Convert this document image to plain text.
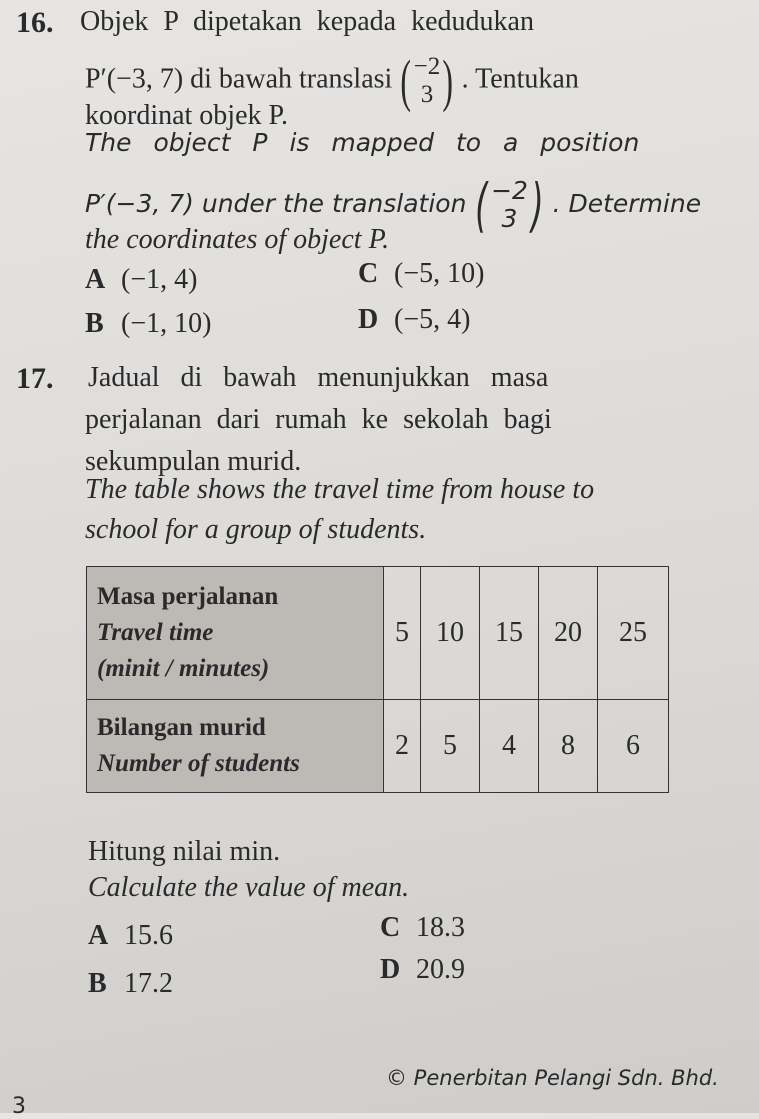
16. Objek P dipetakan kepada kedudukan
P′(−3, 7) di bawah translasi ( −2
3 ) . Tentukan
koordinat objek P.
The object P is mapped to a position
P′(−3, 7) under the translation ( −2
3 ) . Determine
the coordinates of object P.
A (−1, 4)
B (−1, 10)
C (−5, 10)
D (−5, 4)
17. Jadual di bawah menunjukkan masa
perjalanan dari rumah ke sekolah bagi
sekumpulan murid.
The table shows the travel time from house to
school for a group of students.
Masa perjalanan
Travel time
(minit / minutes)	5	10	15	20	25

Bilangan murid
Number of students	2	5	4	8	6
Hitung nilai min.
Calculate the value of mean.
A 15.6
B 17.2
C 18.3
D 20.9
© Penerbitan Pelangi Sdn. Bhd.
3
